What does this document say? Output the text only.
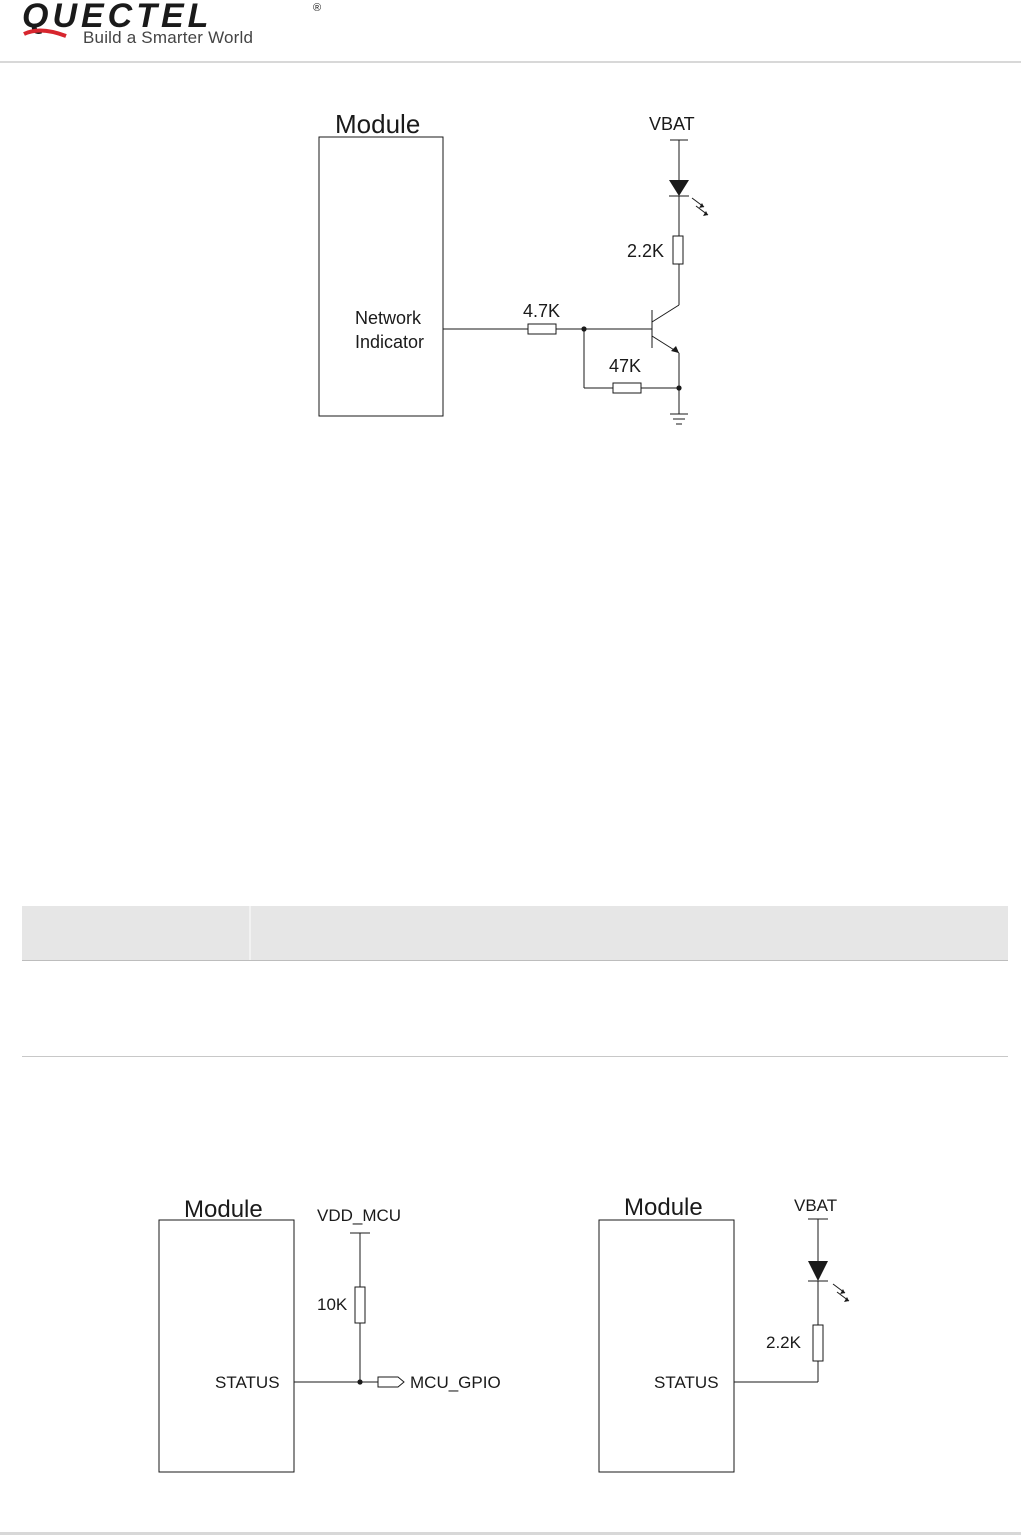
QUECTEL	®
Build a Smarter World
Module
Network
Indicator
4.7K
47K
2.2K
VBAT
Module	VDD_MCU
10K
STATUS	MCU_GPIO
Module	VBAT
2.2K
STATUS
